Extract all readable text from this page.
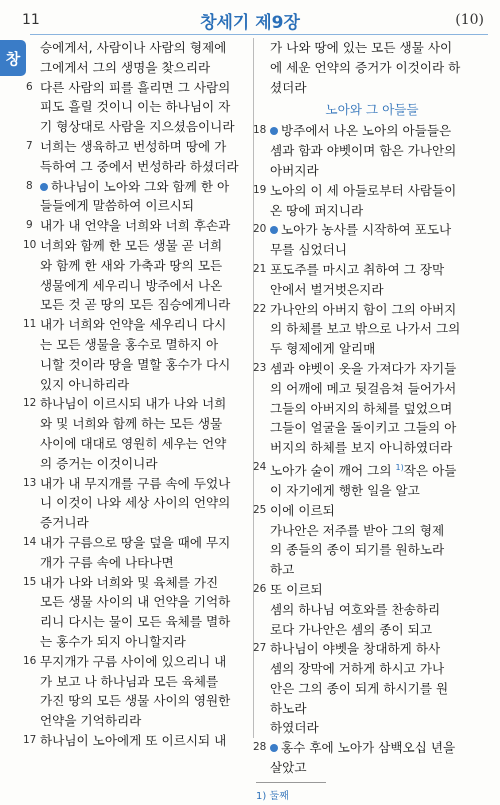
11	창세기 제9장	(10)
창
승에게서, 사람이나 사람의 형제에
그에게서 그의 생명을 찾으리라
6 다른 사람의 피를 흘리면 그 사람의
피도 흘릴 것이니 이는 하나님이 자
기 형상대로 사람을 지으셨음이니라
7 너희는 생육하고 번성하며 땅에 가
득하여 그 중에서 번성하라 하셨더라
8	하나님이 노아와 그와 함께 한 아
들들에게 말씀하여 이르시되
9 내가 내 언약을 너희와 너희 후손과
10 너희와 함께 한 모든 생물 곧 너희
와 함께 한 새와 가축과 땅의 모든
생물에게 세우리니 방주에서 나온
모든 것 곧 땅의 모든 짐승에게니라
11 내가 너희와 언약을 세우리니 다시
는 모든 생물을 홍수로 멸하지 아
니할 것이라 땅을 멸할 홍수가 다시
있지 아니하리라
12 하나님이 이르시되 내가 나와 너희
와 및 너희와 함께 하는 모든 생물
사이에 대대로 영원히 세우는 언약
의 증거는 이것이니라
13 내가 내 무지개를 구름 속에 두었나
니 이것이 나와 세상 사이의 언약의
증거니라
14 내가 구름으로 땅을 덮을 때에 무지
개가 구름 속에 나타나면
15 내가 나와 너희와 및 육체를 가진
모든 생물 사이의 내 언약을 기억하
리니 다시는 물이 모든 육체를 멸하
는 홍수가 되지 아니할지라
16 무지개가 구름 사이에 있으리니 내
가 보고 나 하나님과 모든 육체를
가진 땅의 모든 생물 사이의 영원한
언약을 기억하리라
17 하나님이 노아에게 또 이르시되 내
가 나와 땅에 있는 모든 생물 사이
에 세운 언약의 증거가 이것이라 하
셨더라
노아와 그 아들들
18	방주에서 나온 노아의 아들들은
셈과 함과 야벳이며 함은 가나안의
아버지라
19 노아의 이 세 아들로부터 사람들이
온 땅에 퍼지니라
20	노아가 농사를 시작하여 포도나
무를 심었더니
21 포도주를 마시고 취하여 그 장막
안에서 벌거벗은지라
22 가나안의 아버지 함이 그의 아버지
의 하체를 보고 밖으로 나가서 그의
두 형제에게 알리매
23 셈과 야벳이 옷을 가져다가 자기들
의 어깨에 메고 뒷걸음쳐 들어가서
그들의 아버지의 하체를 덮었으며
그들이 얼굴을 돌이키고 그들의 아
버지의 하체를 보지 아니하였더라
24 노아가 술이 깨어 그의 $^{1)}$작은 아들
이 자기에게 행한 일을 알고
25 이에 이르되
가나안은 저주를 받아 그의 형제
의 종들의 종이 되기를 원하노라
하고
26 또 이르되
셈의 하나님 여호와를 찬송하리
로다 가나안은 셈의 종이 되고
27 하나님이 야벳을 창대하게 하사
셈의 장막에 거하게 하시고 가나
안은 그의 종이 되게 하시기를 원
하노라
하였더라
28	홍수 후에 노아가 삼백오십 년을
살았고
1) 둘째
